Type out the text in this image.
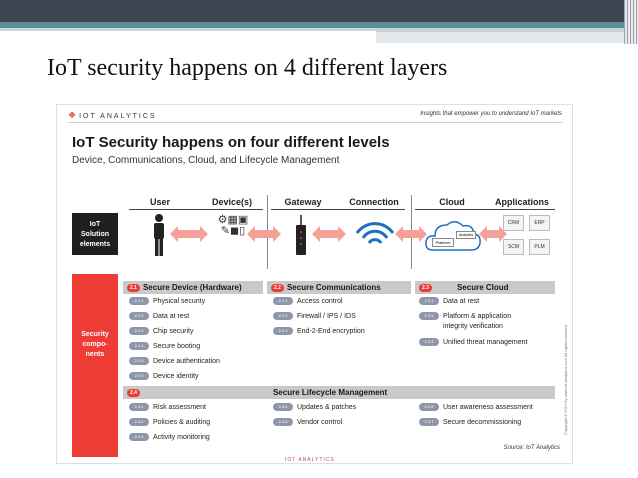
IoT security happens on 4 different layers
❖ IOT ANALYTICS	Insights that empower you to understand IoT markets
IoT Security happens on four different levels
Device, Communications, Cloud, and Lifecycle Management
User	Device(s)	Gateway	Connection	Cloud	Applications
IoT
Solution
elements
⚙▦▣
✎◼▯
Platform
Analytics
CRM	ERP
SCM	PLM
Security
compo-
nents
2.1 Secure Device (Hardware)	2.2 Secure Communications	2.3	Secure Cloud
2.1.1 Physical security
2.1.2 Data at rest
2.1.3 Chip security
2.1.4 Secure booting
2.1.5 Device authentication
2.1.6 Device identity
2.2.1 Access control
2.2.2 Firewall / IPS / IDS
2.2.3 End-2-End encryption
2.3.1 Data at rest
2.3.2 Platform & application
integrity verification
2.3.3 Unified threat management
2.4	Secure Lifecycle Management
2.4.1 Risk assessment
2.4.2 Policies & auditing
2.4.3 Activity monitoring
2.4.4 Updates & patches
2.4.5 Vendor control
2.4.6 User awareness assessment
2.4.7 Secure decommissioning	Copyright © 2017 by www.iot-analytics.com All rights reserved
Source: IoT Analytics
IOT ANALYTICS
